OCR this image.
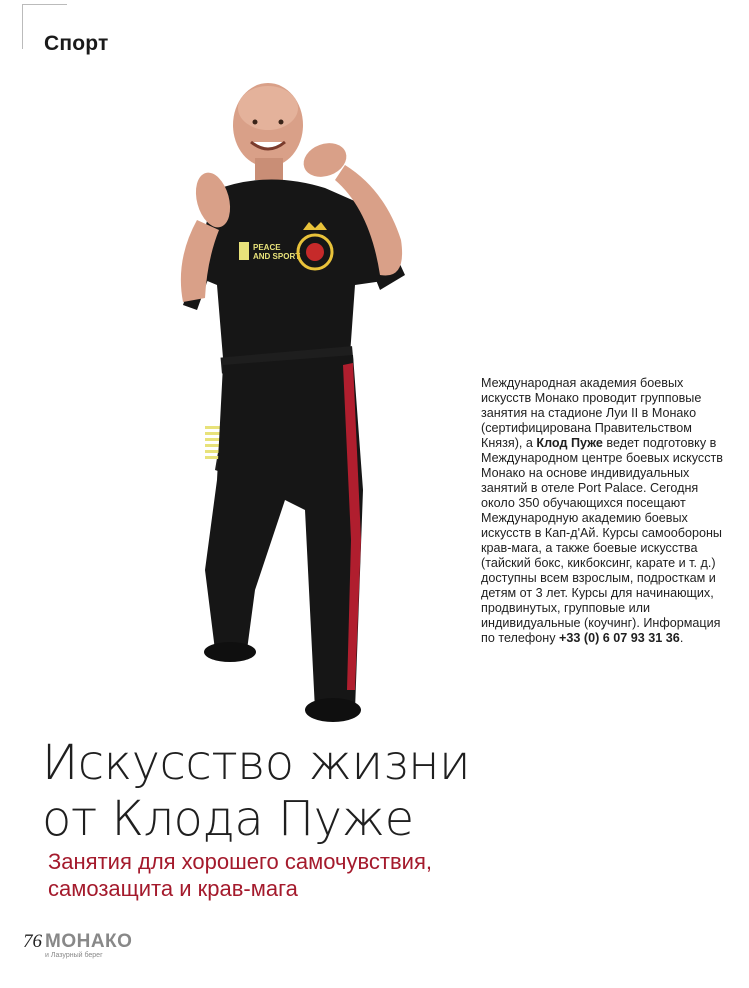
Спорт
PEACE
AND SPORT

Международная академия боевых искусств Монако проводит групповые занятия на стадионе Луи II в Монако (сертифицирована Правительством Князя), а Клод Пуже ведет подготовку в Международном центре боевых искусств Монако на основе индивидуальных занятий в отеле Port Palace. Сегодня около 350 обучающихся посещают Международную академию боевых искусств в Кап-д'Ай. Курсы самообороны крав-мага, а также боевые искусства (тайский бокс, кикбоксинг, карате и т. д.) доступны всем взрослым, подросткам и детям от 3 лет. Курсы для начинающих, продвинутых, групповые или индивидуальные (коучинг). Информация по телефону +33 (0) 6 07 93 31 36.

Искусство жизни
от Клода Пуже
Занятия для хорошего самочувствия,
самозащита и крав-мага
76 МОНАКО
и Лазурный берег
